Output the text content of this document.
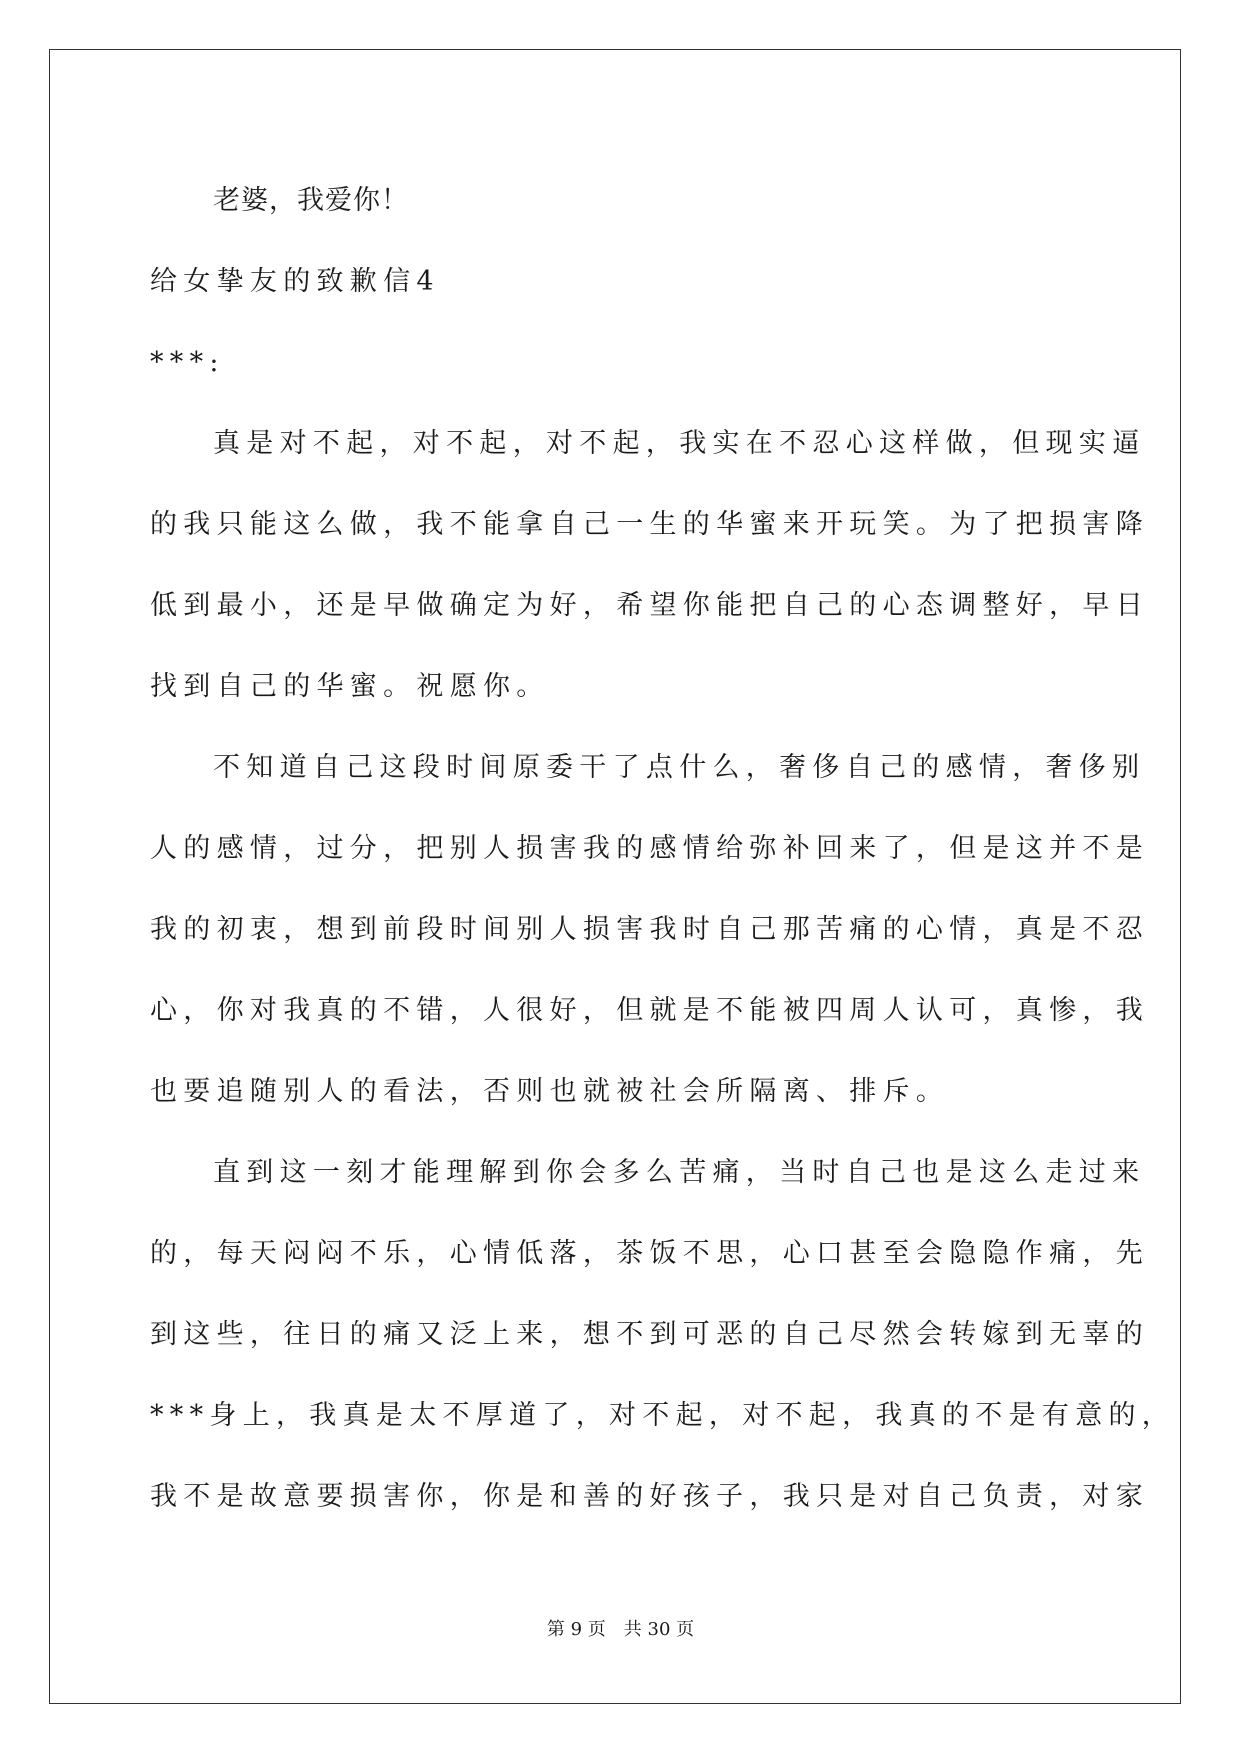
老婆，我爱你！
给女挚友的致歉信4
***:
真是对不起，对不起，对不起，我实在不忍心这样做，但现实逼
的我只能这么做，我不能拿自己一生的华蜜来开玩笑。为了把损害降
低到最小，还是早做确定为好，希望你能把自己的心态调整好，早日
找到自己的华蜜。祝愿你。
不知道自己这段时间原委干了点什么，奢侈自己的感情，奢侈别
人的感情，过分，把别人损害我的感情给弥补回来了，但是这并不是
我的初衷，想到前段时间别人损害我时自己那苦痛的心情，真是不忍
心，你对我真的不错，人很好，但就是不能被四周人认可，真惨，我
也要追随别人的看法，否则也就被社会所隔离、排斥。
直到这一刻才能理解到你会多么苦痛，当时自己也是这么走过来
的，每天闷闷不乐，心情低落，茶饭不思，心口甚至会隐隐作痛，先
到这些，往日的痛又泛上来，想不到可恶的自己尽然会转嫁到无辜的
***身上，我真是太不厚道了，对不起，对不起，我真的不是有意的，
我不是故意要损害你，你是和善的好孩子，我只是对自己负责，对家
第 9 页 共 30 页
